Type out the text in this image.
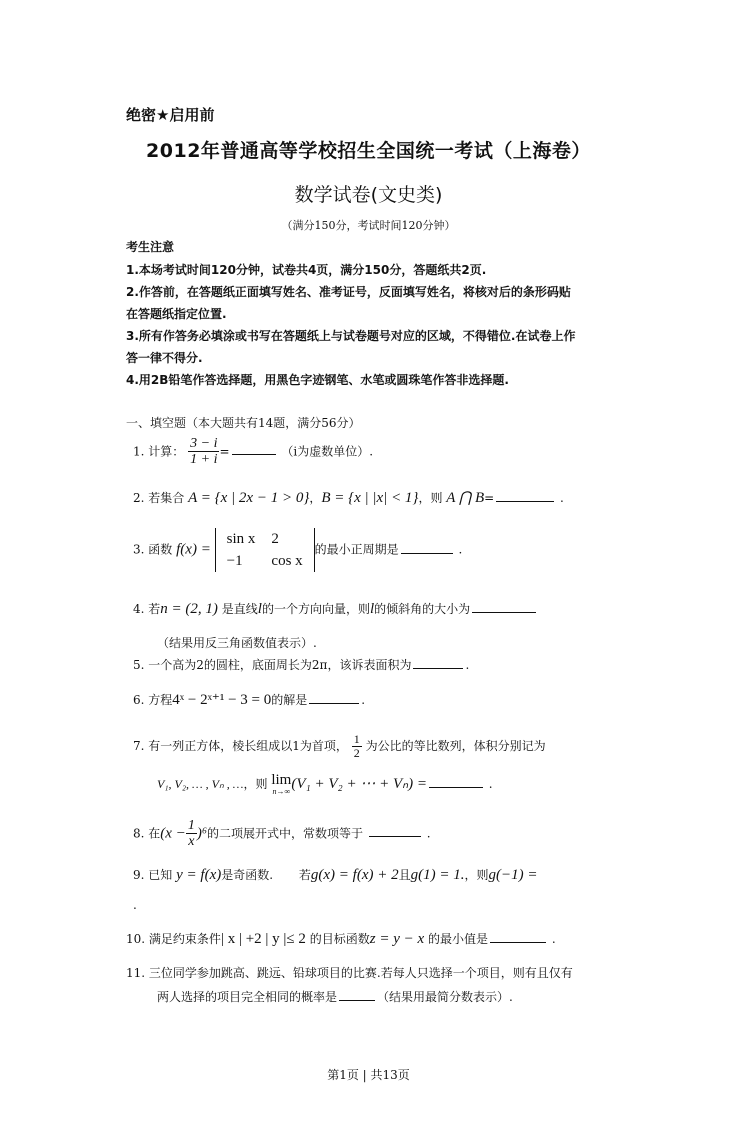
绝密★启用前
2012年普通高等学校招生全国统一考试（上海卷）
数学试卷(文史类)
（满分150分，考试时间120分钟）
考生注意
1.本场考试时间120分钟，试卷共4页，满分150分，答题纸共2页.
2.作答前，在答题纸正面填写姓名、准考证号，反面填写姓名，将核对后的条形码贴
在答题纸指定位置.
3.所有作答务必填涂或书写在答题纸上与试卷题号对应的区域，不得错位.在试卷上作
答一律不得分.
4.用2B铅笔作答选择题，用黑色字迹钢笔、水笔或圆珠笔作答非选择题.
一、填空题（本大题共有14题，满分56分）
1. 计算： $\frac{3 - i}{1 + i}$ =	（i为虚数单位）.
2. 若集合 A = {x | 2x − 1 > 0}，B = {x | |x| < 1}，则 A ⋂ B=	.
3. 函数 f(x) = sin x	2
−1	cos x的最小正周期是	.
4. 若n = (2, 1) 是直线l的一个方向向量，则l的倾斜角的大小为
（结果用反三角函数值表示）.
5. 一个高为2的圆柱，底面周长为2π，该诉表面积为	.
6. 方程4ˣ − 2ˣ⁺¹ − 3 = 0的解是	.
7. 有一列正方体，棱长组成以1为首项， $\frac{1}{2}$ 为公比的等比数列，体积分别记为
V₁, V₂, … , Vₙ , …，则 lim
n→∞ (V₁ + V₂ + ⋯ + Vₙ) =	.
8. 在$(x - \frac{1}{x} )^6$的二项展开式中，常数项等于	.
9. 已知 y = f(x)是奇函数. 若g(x) = f(x) + 2且g(1) = 1.，则g(−1) =
.
10. 满足约束条件| x | +2 | y |≤ 2 的目标函数z = y − x 的最小值是	.
11. 三位同学参加跳高、跳远、铅球项目的比赛.若每人只选择一个项目，则有且仅有
两人选择的项目完全相同的概率是	（结果用最简分数表示）.
第1页 | 共13页
